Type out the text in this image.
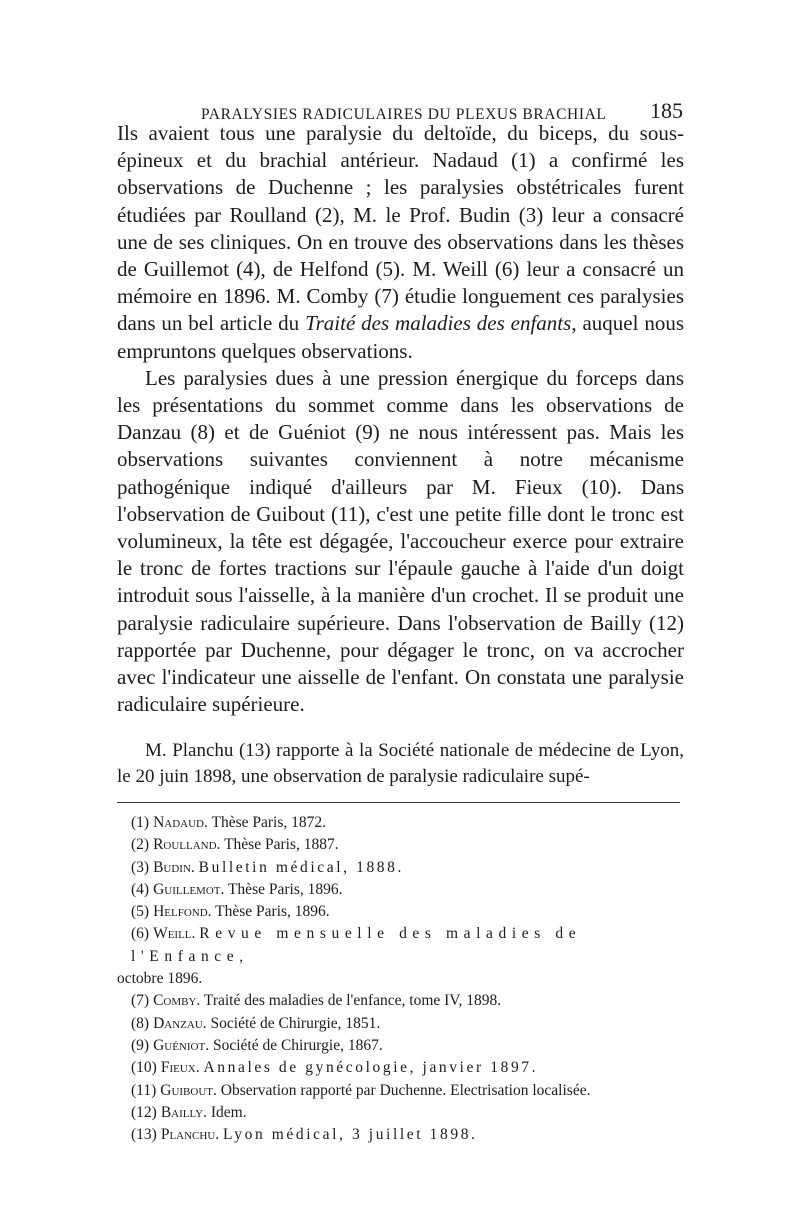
PARALYSIES RADICULAIRES DU PLEXUS BRACHIAL 185

Ils avaient tous une paralysie du deltoïde, du biceps, du sous-épineux et du brachial antérieur. Nadaud (1) a confirmé les observations de Duchenne ; les paralysies obstétricales furent étudiées par Roulland (2), M. le Prof. Budin (3) leur a consacré une de ses cliniques. On en trouve des observations dans les thèses de Guillemot (4), de Helfond (5). M. Weill (6) leur a consacré un mémoire en 1896. M. Comby (7) étudie longuement ces paralysies dans un bel article du Traité des maladies des enfants, auquel nous empruntons quelques observations.

Les paralysies dues à une pression énergique du forceps dans les présentations du sommet comme dans les observations de Danzau (8) et de Guéniot (9) ne nous intéressent pas. Mais les observations suivantes conviennent à notre mécanisme pathogénique indiqué d'ailleurs par M. Fieux (10). Dans l'observation de Guibout (11), c'est une petite fille dont le tronc est volumineux, la tête est dégagée, l'accoucheur exerce pour extraire le tronc de fortes tractions sur l'épaule gauche à l'aide d'un doigt introduit sous l'aisselle, à la manière d'un crochet. Il se produit une paralysie radiculaire supérieure. Dans l'observation de Bailly (12) rapportée par Duchenne, pour dégager le tronc, on va accrocher avec l'indicateur une aisselle de l'enfant. On constata une paralysie radiculaire supérieure.

M. Planchu (13) rapporte à la Société nationale de médecine de Lyon, le 20 juin 1898, une observation de paralysie radiculaire supé-

(1) Nadaud. Thèse Paris, 1872.

(2) Roulland. Thèse Paris, 1887.

(3) Budin. Bulletin médical, 1888.

(4) Guillemot. Thèse Paris, 1896.

(5) Helfond. Thèse Paris, 1896.

(6) Weill. Revue mensuelle des maladies de l'Enfance,

octobre 1896.

(7) Comby. Traité des maladies de l'enfance, tome IV, 1898.

(8) Danzau. Société de Chirurgie, 1851.

(9) Guéniot. Société de Chirurgie, 1867.

(10) Fieux. Annales de gynécologie, janvier 1897.

(11) Guibout. Observation rapporté par Duchenne. Electrisation localisée.

(12) Bailly. Idem.

(13) Planchu. Lyon médical, 3 juillet 1898.
